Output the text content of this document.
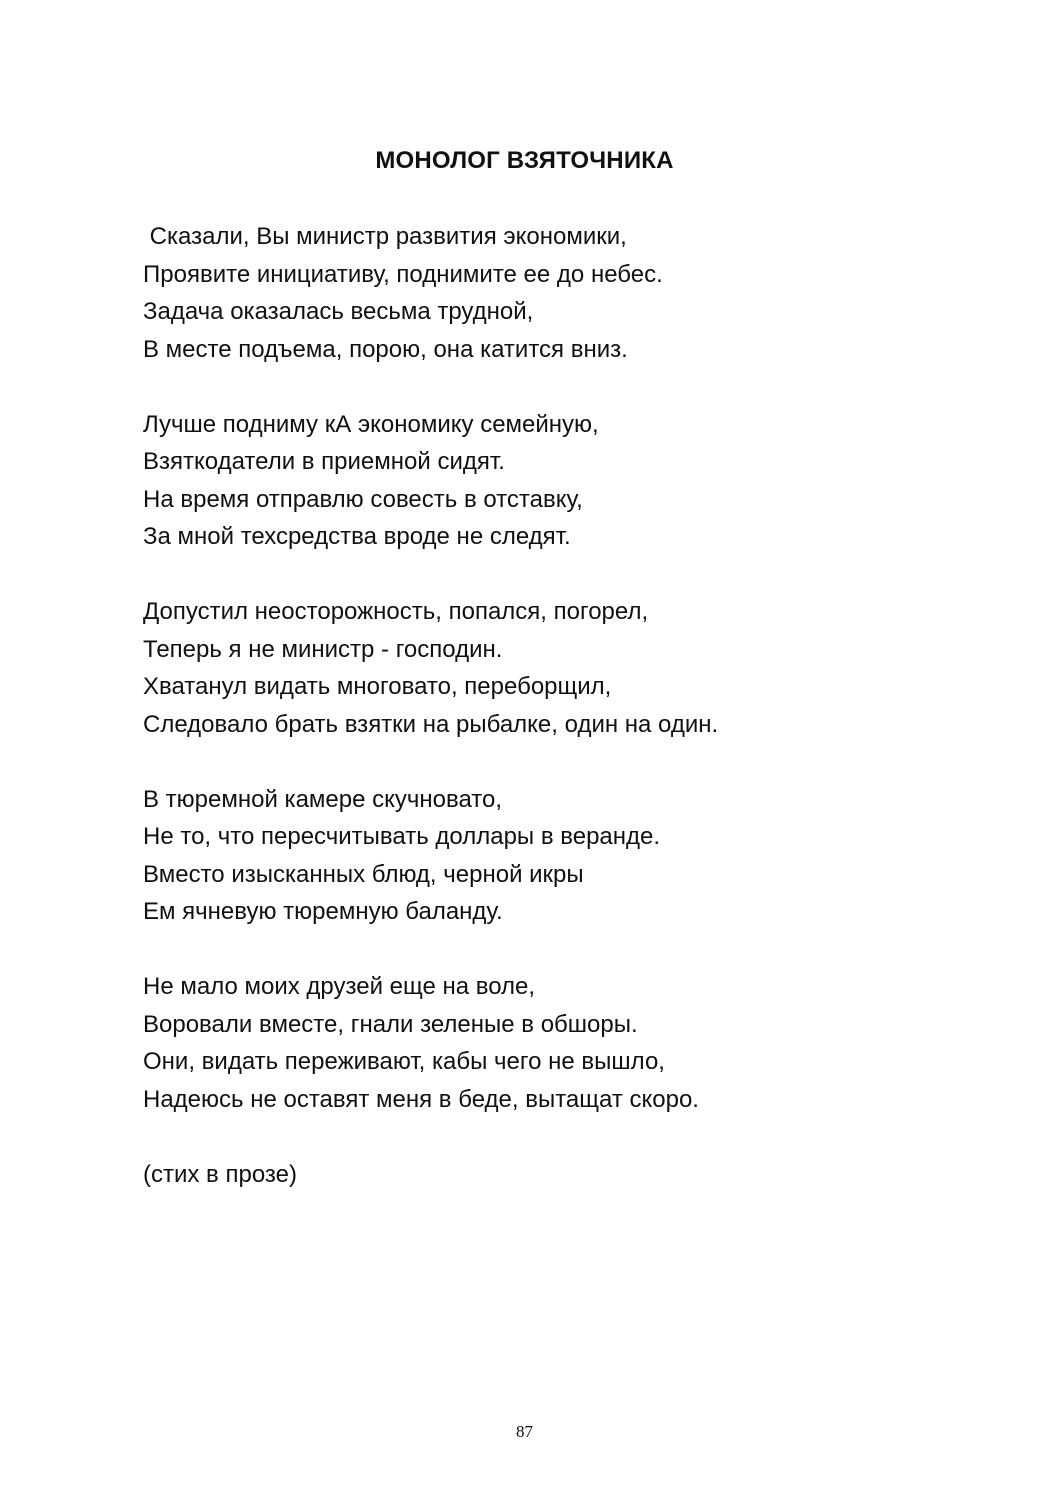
МОНОЛОГ ВЗЯТОЧНИКА
Сказали, Вы министр развития экономики,
Проявите инициативу, поднимите ее до небес.
Задача оказалась весьма трудной,
В месте подъема, порою, она катится вниз.
Лучше подниму кА экономику семейную,
Взяткодатели в приемной сидят.
На время отправлю совесть в отставку,
За мной техсредства вроде не следят.
Допустил неосторожность, попался, погорел,
Теперь я не министр - господин.
Хватанул видать многовато, переборщил,
Следовало брать взятки на рыбалке, один на один.
В тюремной камере скучновато,
Не то, что пересчитывать доллары в веранде.
Вместо изысканных блюд, черной икры
Ем ячневую тюремную баланду.
Не мало моих друзей еще на воле,
Воровали вместе, гнали зеленые в обшоры.
Они, видать переживают, кабы чего не вышло,
Надеюсь не оставят меня в беде, вытащат скоро.
(стих в прозе)
87
